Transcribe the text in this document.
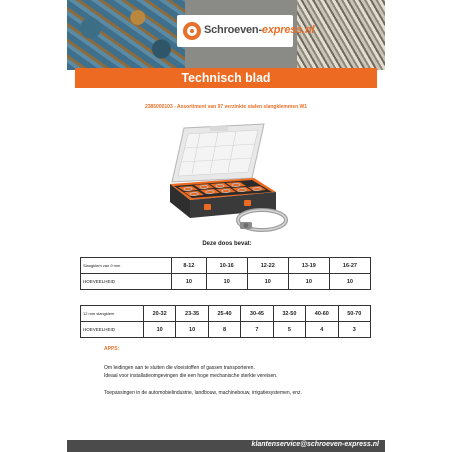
Schroeven-express.nl
Technisch blad
2385000103 - Assortiment van 97 verzinkte stalen slangklemmen W1
Deze doos bevat:
Slangklem van 9 mm	8-12	10-16	12-22	13-19	16-27
HOEVEELHEID	10	10	10	10	10
12 mm slangklem	20-32	23-35	25-40	30-45	32-50	40-60	50-70
HOEVEELHEID	10	10	8	7	5	4	3
APPS:
Om leidingen aan te sluiten die vloeistoffen of gassen transporteren.
Ideaal voor installatieomgevingen die een hoge mechanische sterkte vereisen.
Toepassingen in de automobielindustrie, landbouw, machinebouw, irrigatiesystemen, enz.
klantenservice@schroeven-express.nl
